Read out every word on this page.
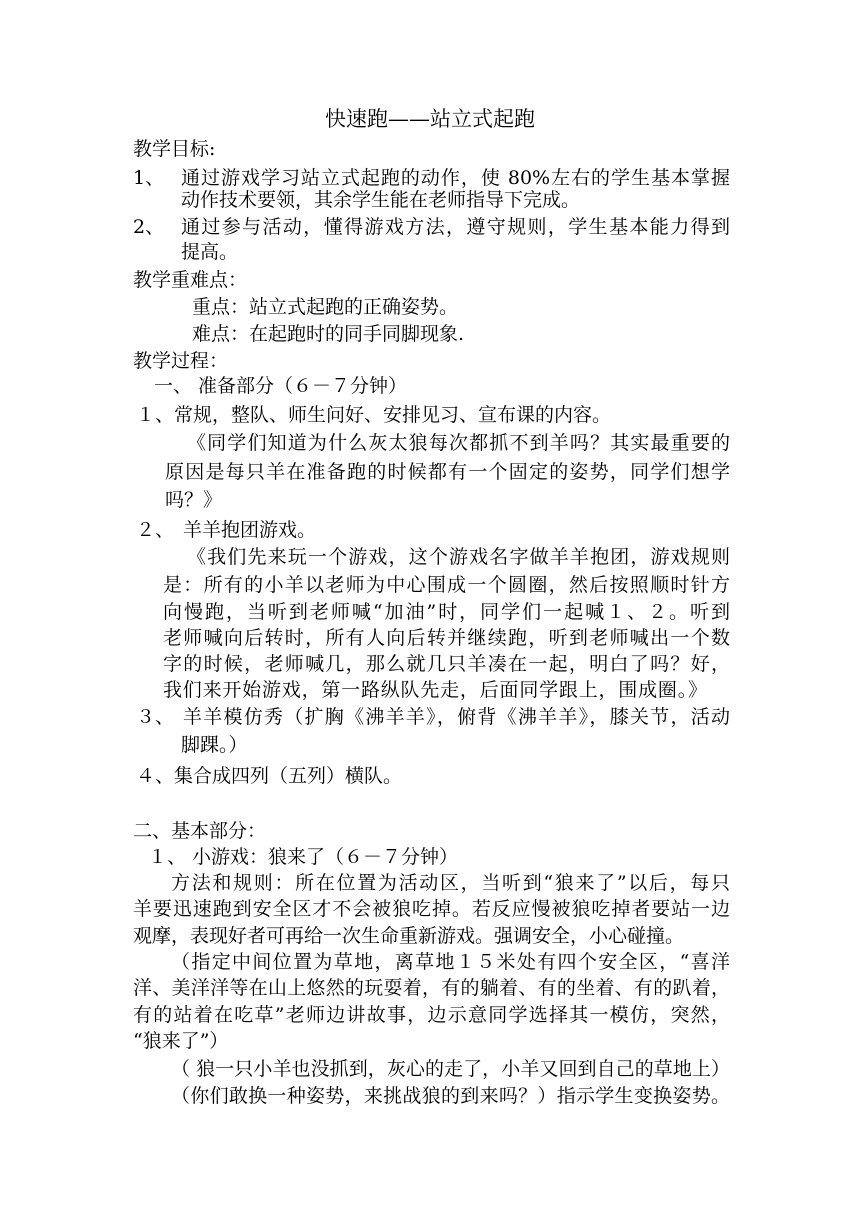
快速跑——站立式起跑
教学目标:
1、 通过游戏学习站立式起跑的动作，使 80%左右的学生基本掌握
动作技术要领，其余学生能在老师指导下完成。
2、 通过参与活动，懂得游戏方法，遵守规则，学生基本能力得到
提高。
教学重难点：
重点：站立式起跑的正确姿势。
难点：在起跑时的同手同脚现象.
教学过程：
一、 准备部分（６－７分钟）
１、常规，整队、师生问好、安排见习、宣布课的内容。
《同学们知道为什么灰太狼每次都抓不到羊吗？其实最重要的
原因是每只羊在准备跑的时候都有一个固定的姿势，同学们想学
吗？》
２、 羊羊抱团游戏。
《我们先来玩一个游戏，这个游戏名字做羊羊抱团，游戏规则
是：所有的小羊以老师为中心围成一个圆圈，然后按照顺时针方
向慢跑，当听到老师喊“加油”时，同学们一起喊１、２。听到
老师喊向后转时，所有人向后转并继续跑，听到老师喊出一个数
字的时候，老师喊几，那么就几只羊凑在一起，明白了吗？好，
我们来开始游戏，第一路纵队先走，后面同学跟上，围成圈。》
３、 羊羊模仿秀（扩胸《沸羊羊》，俯背《沸羊羊》，膝关节，活动
脚踝。）
４、集合成四列（五列）横队。
二、基本部分：
１、 小游戏：狼来了（６－７分钟）
方法和规则：所在位置为活动区，当听到“狼来了”以后，每只
羊要迅速跑到安全区才不会被狼吃掉。若反应慢被狼吃掉者要站一边
观摩，表现好者可再给一次生命重新游戏。强调安全，小心碰撞。
（指定中间位置为草地，离草地１５米处有四个安全区，“喜洋
洋、美洋洋等在山上悠然的玩耍着，有的躺着、有的坐着、有的趴着，
有的站着在吃草”老师边讲故事，边示意同学选择其一模仿，突然，
“狼来了”）
（ 狼一只小羊也没抓到，灰心的走了，小羊又回到自己的草地上）
（你们敢换一种姿势，来挑战狼的到来吗？）指示学生变换姿势。
